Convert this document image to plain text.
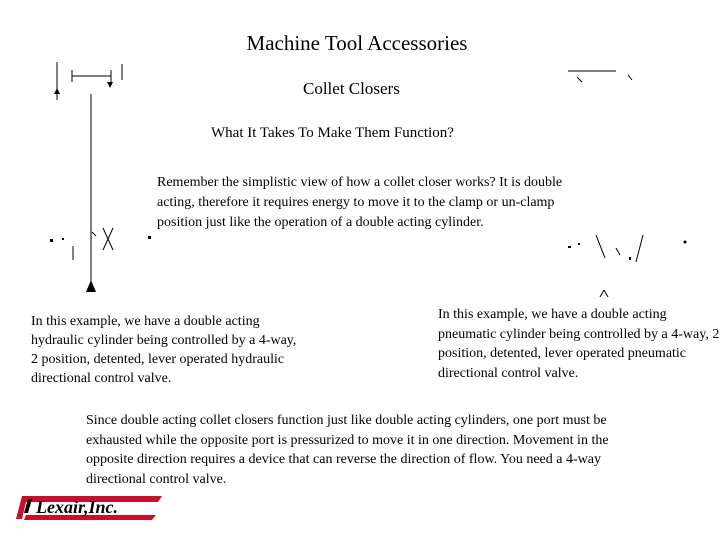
Machine Tool Accessories

Collet Closers

What It Takes To Make Them Function?

Remember the simplistic view of how a collet closer works? It is double acting, therefore it requires energy to move it to the clamp or un-clamp position just like the operation of a double acting cylinder.

In this example, we have a double acting hydraulic cylinder being controlled by a 4-way, 2 position, detented, lever operated hydraulic directional control valve.

In this example, we have a double acting pneumatic cylinder being controlled by a 4-way, 2 position, detented, lever operated pneumatic directional control valve.

Since double acting collet closers function just like double acting cylinders, one port must be exhausted while the opposite port is pressurized to move it in one direction. Movement in the opposite direction requires a device that can reverse the direction of flow. You need a 4-way directional control valve.

Lexair,Inc.
